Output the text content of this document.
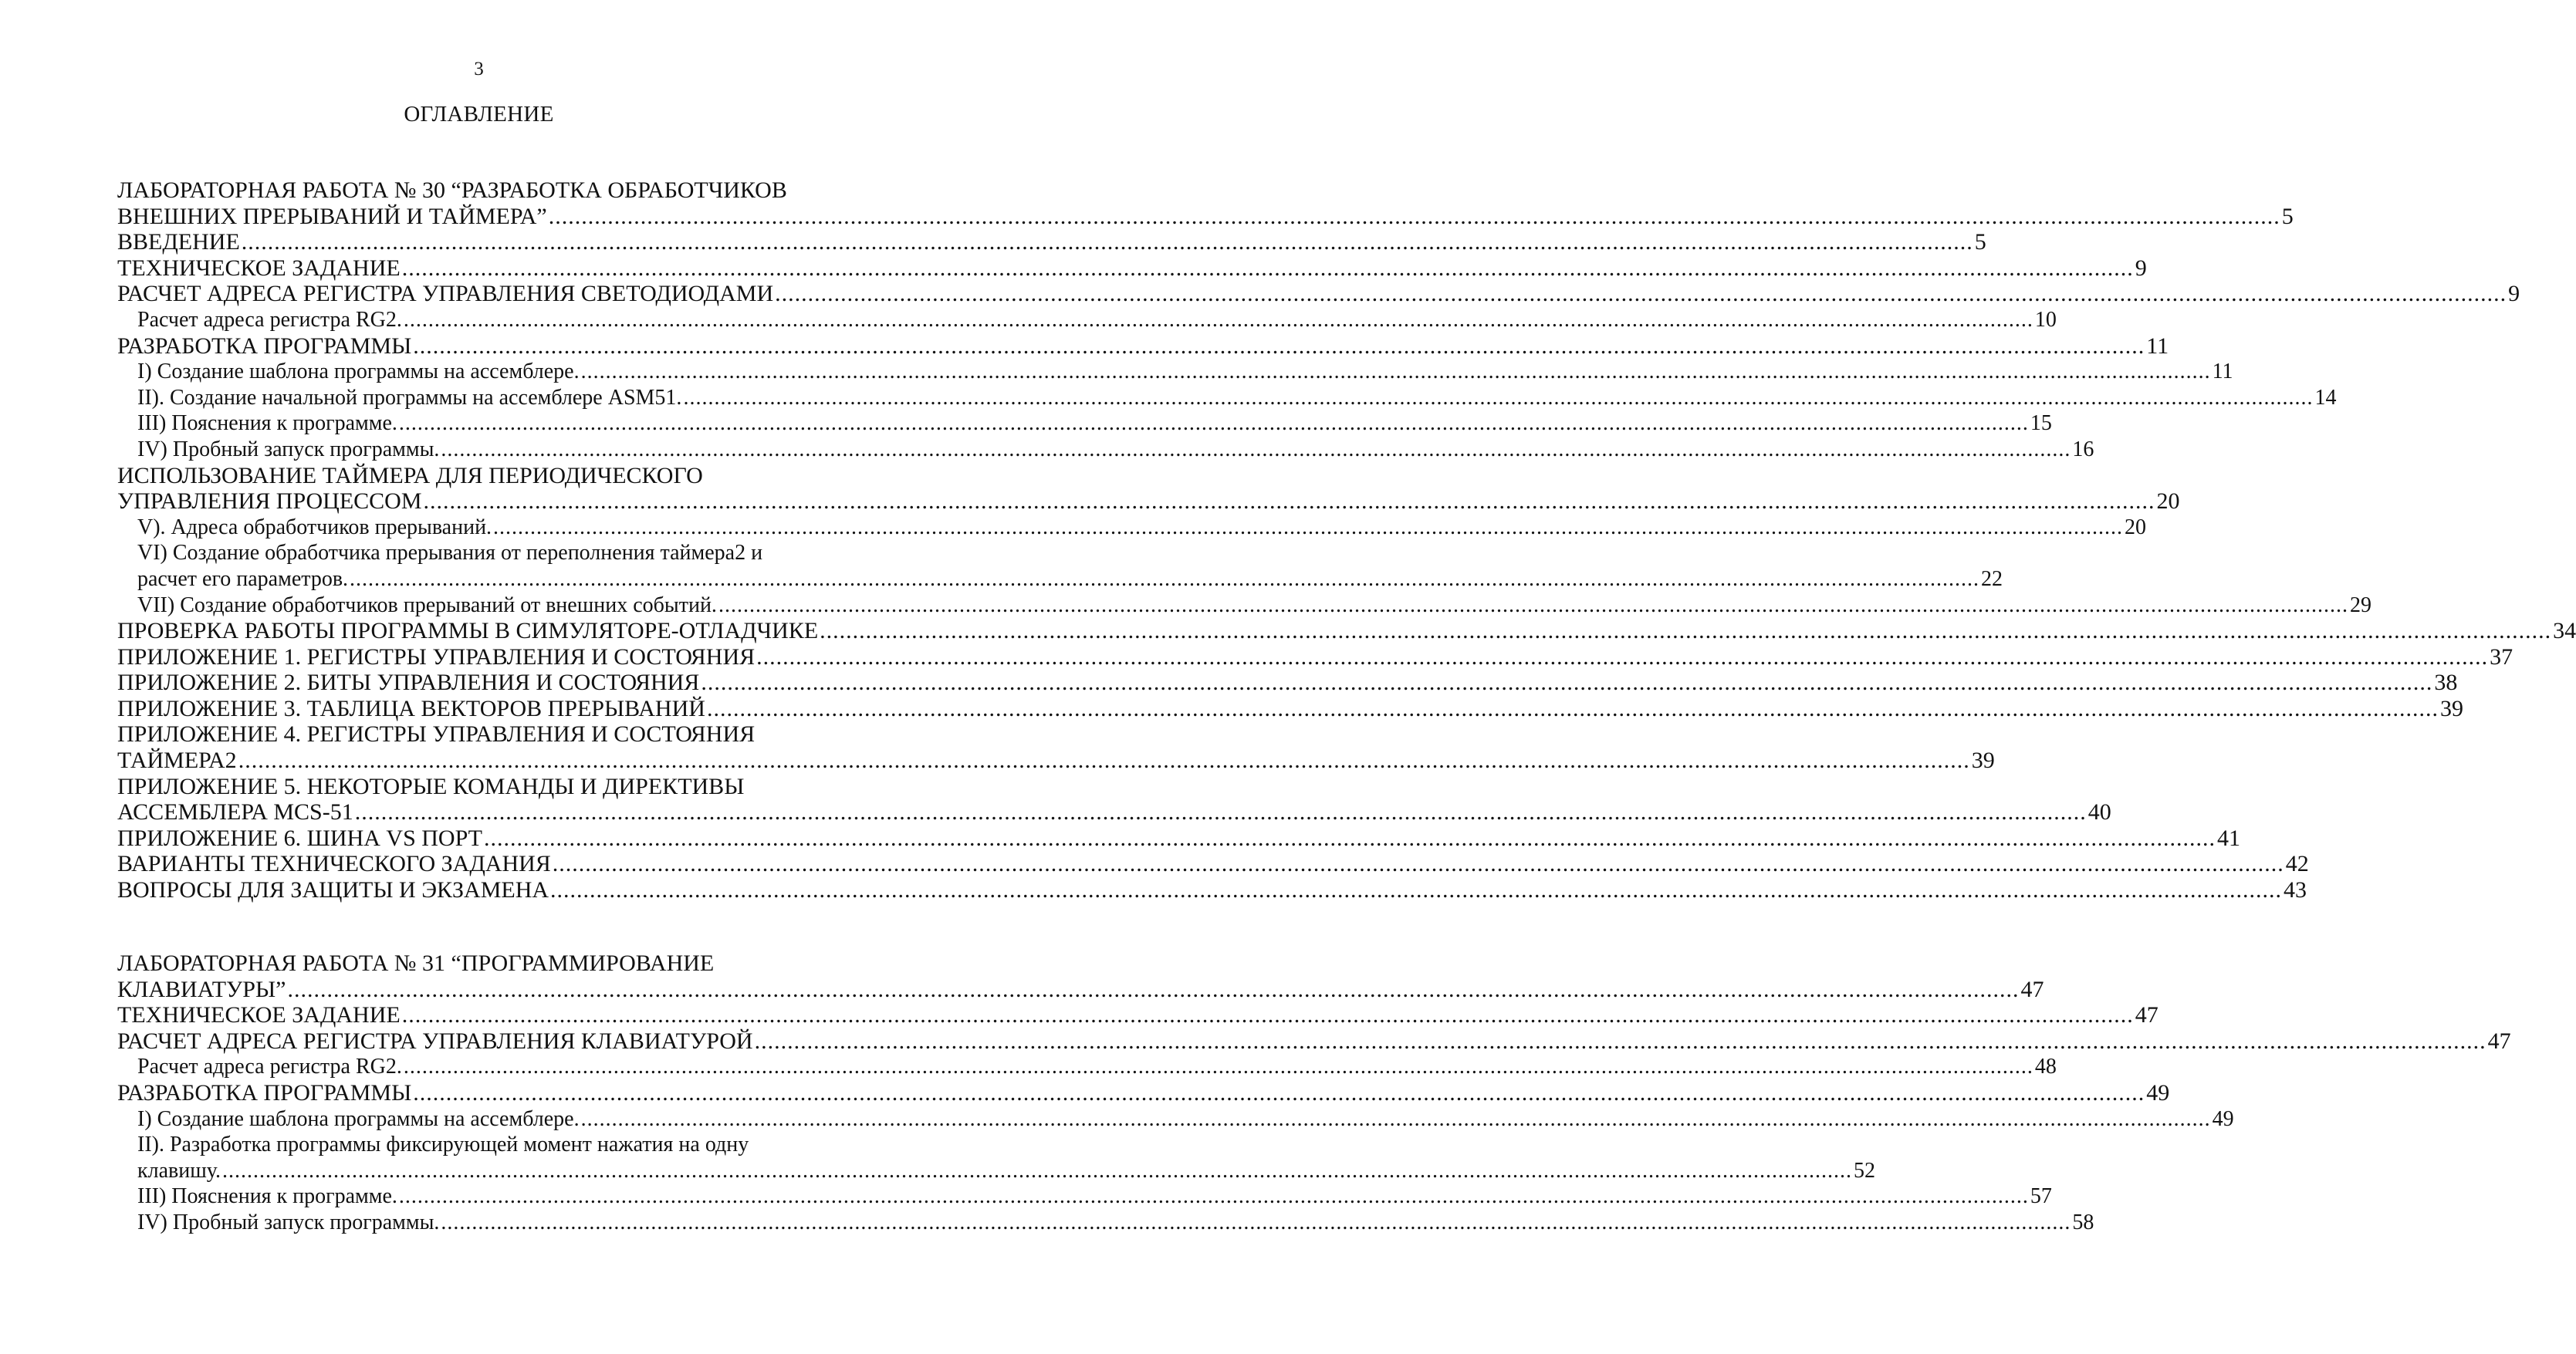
3
ОГЛАВЛЕНИЕ
ЛАБОРАТОРНАЯ РАБОТА № 30 “РАЗРАБОТКА ОБРАБОТЧИКОВ
ВНЕШНИХ ПРЕРЫВАНИЙ И ТАЙМЕРА” .....	5
ВВЕДЕНИЕ .....	5
ТЕХНИЧЕСКОЕ ЗАДАНИЕ .....	9
РАСЧЕТ АДРЕСА РЕГИСТРА УПРАВЛЕНИЯ СВЕТОДИОДАМИ .....	9
Расчет адреса регистра RG2. .....	10
РАЗРАБОТКА ПРОГРАММЫ .....	11
I) Создание шаблона программы на ассемблере. .....	11
II). Создание начальной программы на ассемблере ASM51. .....	14
III) Пояснения к программе. .....	15
IV) Пробный запуск программы. .....	16
ИСПОЛЬЗОВАНИЕ ТАЙМЕРА ДЛЯ ПЕРИОДИЧЕСКОГО
УПРАВЛЕНИЯ ПРОЦЕССОМ .....	20
V). Адреса обработчиков прерываний. .....	20
VI) Создание обработчика прерывания от переполнения таймера2 и
расчет его параметров. .....	22
VII) Создание обработчиков прерываний от внешних событий. .....	29
ПРОВЕРКА РАБОТЫ ПРОГРАММЫ В СИМУЛЯТОРЕ-ОТЛАДЧИКЕ .....	34
ПРИЛОЖЕНИЕ 1. РЕГИСТРЫ УПРАВЛЕНИЯ И СОСТОЯНИЯ .....	37
ПРИЛОЖЕНИЕ 2. БИТЫ УПРАВЛЕНИЯ И СОСТОЯНИЯ .....	38
ПРИЛОЖЕНИЕ 3. ТАБЛИЦА ВЕКТОРОВ ПРЕРЫВАНИЙ .....	39
ПРИЛОЖЕНИЕ 4. РЕГИСТРЫ УПРАВЛЕНИЯ И СОСТОЯНИЯ
ТАЙМЕРА2 .....	39
ПРИЛОЖЕНИЕ 5. НЕКОТОРЫЕ КОМАНДЫ И ДИРЕКТИВЫ
АССЕМБЛЕРА MCS-51 .....	40
ПРИЛОЖЕНИЕ 6. ШИНА VS ПОРТ .....	41
ВАРИАНТЫ ТЕХНИЧЕСКОГО ЗАДАНИЯ .....	42
ВОПРОСЫ ДЛЯ ЗАЩИТЫ И ЭКЗАМЕНА .....	43
ЛАБОРАТОРНАЯ РАБОТА № 31 “ПРОГРАММИРОВАНИЕ
КЛАВИАТУРЫ” .....	47
ТЕХНИЧЕСКОЕ ЗАДАНИЕ .....	47
РАСЧЕТ АДРЕСА РЕГИСТРА УПРАВЛЕНИЯ КЛАВИАТУРОЙ .....	47
Расчет адреса регистра RG2. .....	48
РАЗРАБОТКА ПРОГРАММЫ .....	49
I) Создание шаблона программы на ассемблере. .....	49
II). Разработка программы фиксирующей момент нажатия на одну
клавишу. .....	52
III) Пояснения к программе. .....	57
IV) Пробный запуск программы. .....	58
